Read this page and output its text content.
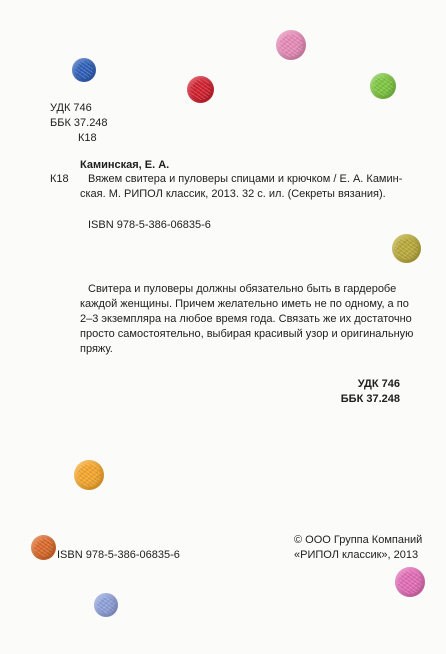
УДК 746
ББК 37.248
К18
Каминская, Е. А.
К18 Вяжем свитера и пуловеры спицами и крючком / Е. А. Камин-
ская. М. РИПОЛ классик, 2013. 32 с. ил. (Секреты вязания).
ISBN 978-5-386-06835-6
Свитера и пуловеры должны обязательно быть в гардеробе
каждой женщины. Причем желательно иметь не по одному, а по
2–3 экземпляра на любое время года. Связать же их достаточно
просто самостоятельно, выбирая красивый узор и оригинальную
пряжу.
УДК 746
ББК 37.248
ISBN 978-5-386-06835-6
© ООО Группа Компаний
«РИПОЛ классик», 2013
